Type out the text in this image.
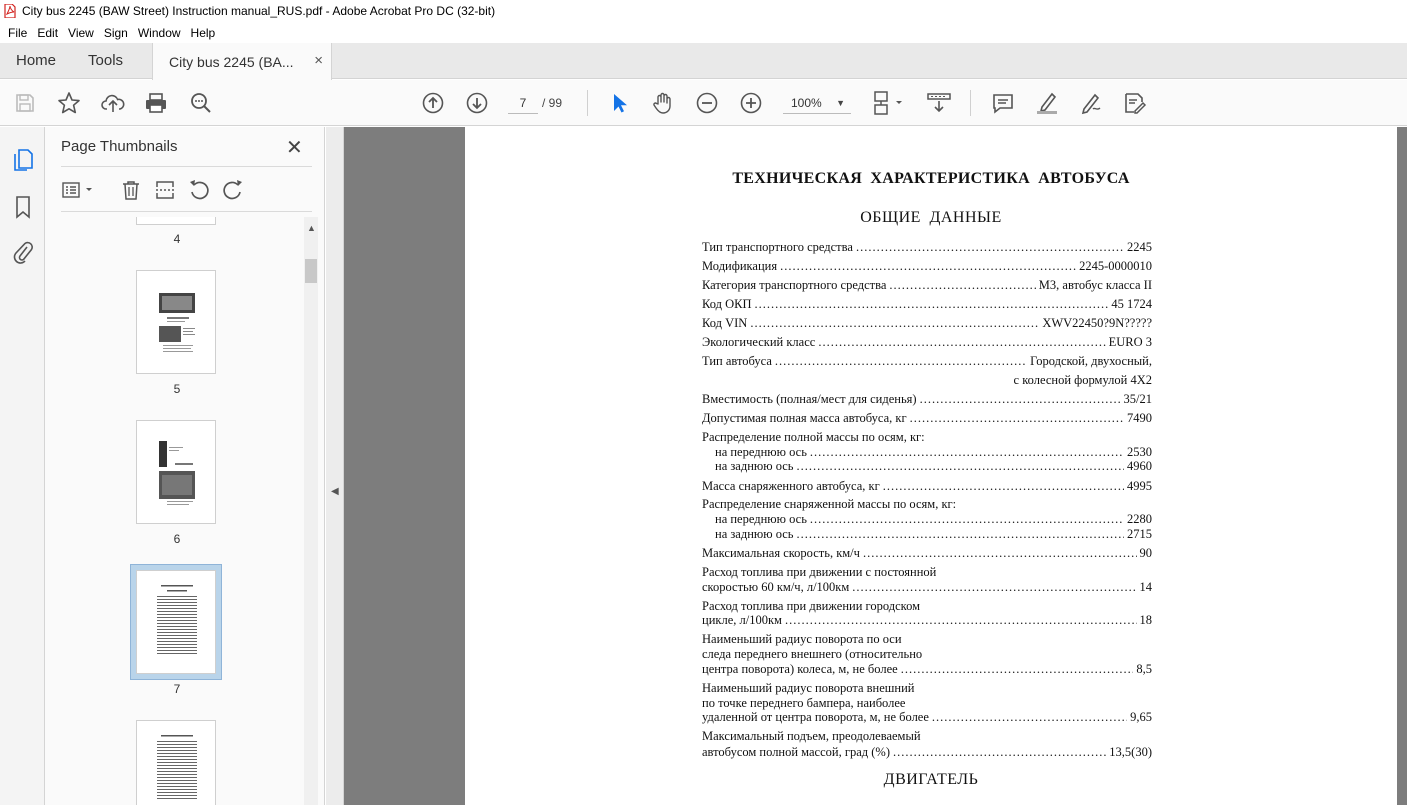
City bus 2245 (BAW Street) Instruction manual_RUS.pdf - Adobe Acrobat Pro DC (32-bit)
File Edit View Sign Window Help
Home	Tools	City bus 2245 (BA... ×
7	/ 99	100% ▼
Page Thumbnails	✕
4
5
6
7
▲
◀
ТЕХНИЧЕСКАЯ ХАРАКТЕРИСТИКА АВТОБУСА
ОБЩИЕ ДАННЫЕ
Тип транспортного средства .....	2245
Модификация .....	2245-0000010
Категория транспортного средства .....	М3, автобус класса II
Код ОКП .....	45 1724
Код VIN .....	XWV22450?9N?????
Экологический класс .....	EURO 3
Тип автобуса .....	Городской, двухосный,
с колесной формулой 4Х2
Вместимость (полная/мест для сиденья) .....	35/21
Допустимая полная масса автобуса, кг .....	7490
Распределение полной массы по осям, кг:
на переднюю ось .....	2530
на заднюю ось .....	4960
Масса снаряженного автобуса, кг .....	4995
Распределение снаряженной массы по осям, кг:
на переднюю ось .....	2280
на заднюю ось .....	2715
Максимальная скорость, км/ч .....	90
Расход топлива при движении с постоянной
скоростью 60 км/ч, л/100км .....	14
Расход топлива при движении городском
цикле, л/100км .....	18
Наименьший радиус поворота по оси
следа переднего внешнего (относительно
центра поворота) колеса, м, не более .....	8,5
Наименьший радиус поворота внешний
по точке переднего бампера, наиболее
удаленной от центра поворота, м, не более .....	9,65
Максимальный подъем, преодолеваемый
автобусом полной массой, град (%) .....	13,5(30)
ДВИГАТЕЛЬ
